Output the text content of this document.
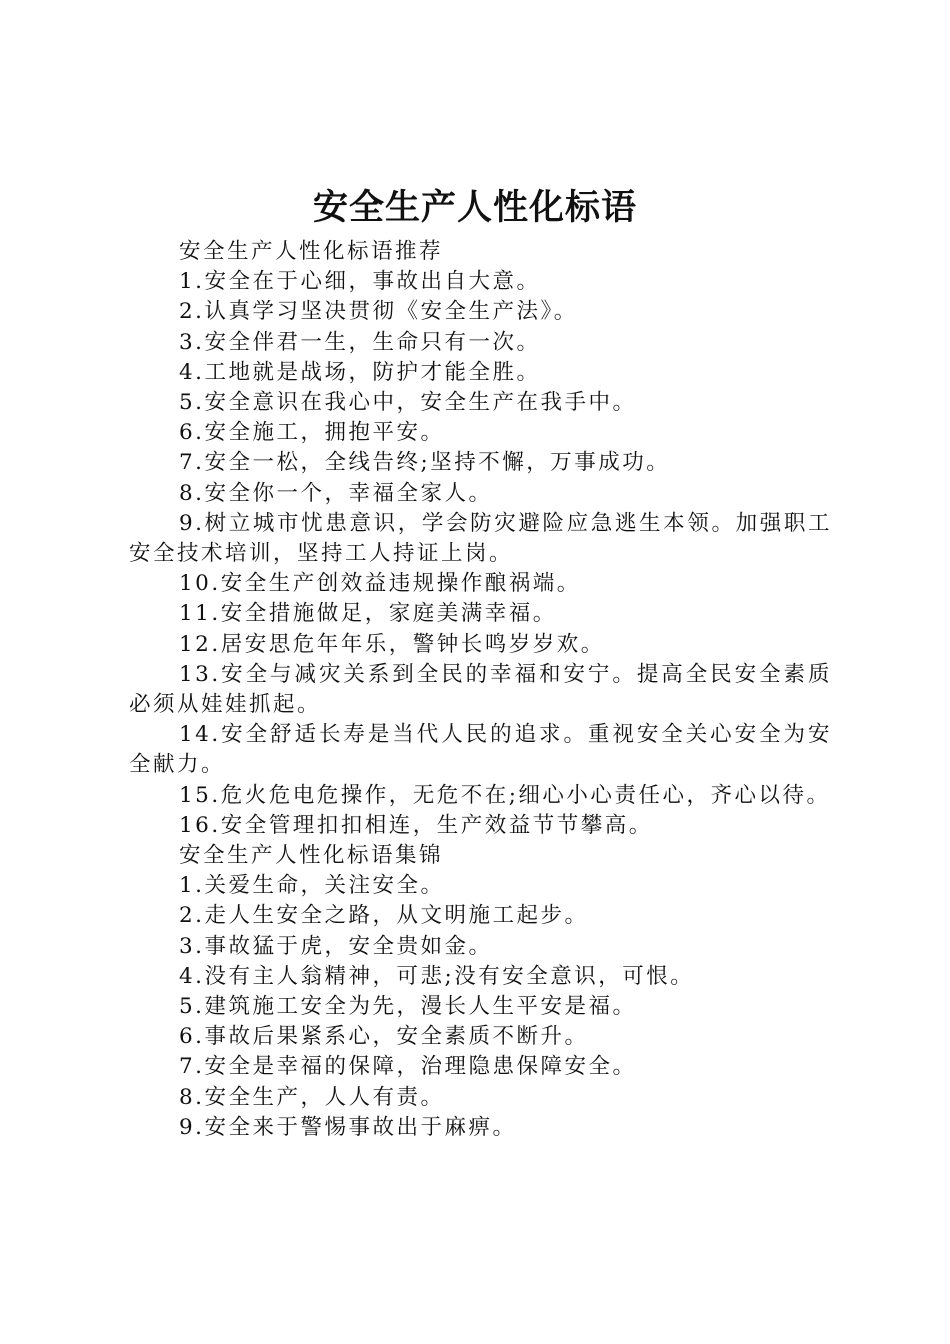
安全生产人性化标语

安全生产人性化标语推荐

1.安全在于心细，事故出自大意。

2.认真学习坚决贯彻《安全生产法》。

3.安全伴君一生，生命只有一次。

4.工地就是战场，防护才能全胜。

5.安全意识在我心中，安全生产在我手中。

6.安全施工，拥抱平安。

7.安全一松，全线告终;坚持不懈，万事成功。

8.安全你一个，幸福全家人。

9.树立城市忧患意识，学会防灾避险应急逃生本领。加强职工安全技术培训，坚持工人持证上岗。

10.安全生产创效益违规操作酿祸端。

11.安全措施做足，家庭美满幸福。

12.居安思危年年乐，警钟长鸣岁岁欢。

13.安全与减灾关系到全民的幸福和安宁。提高全民安全素质必须从娃娃抓起。

14.安全舒适长寿是当代人民的追求。重视安全关心安全为安全献力。

15.危火危电危操作，无危不在;细心小心责任心，齐心以待。

16.安全管理扣扣相连，生产效益节节攀高。

安全生产人性化标语集锦

1.关爱生命，关注安全。

2.走人生安全之路，从文明施工起步。

3.事故猛于虎，安全贵如金。

4.没有主人翁精神，可悲;没有安全意识，可恨。

5.建筑施工安全为先，漫长人生平安是福。

6.事故后果紧系心，安全素质不断升。

7.安全是幸福的保障，治理隐患保障安全。

8.安全生产，人人有责。

9.安全来于警惕事故出于麻痹。
